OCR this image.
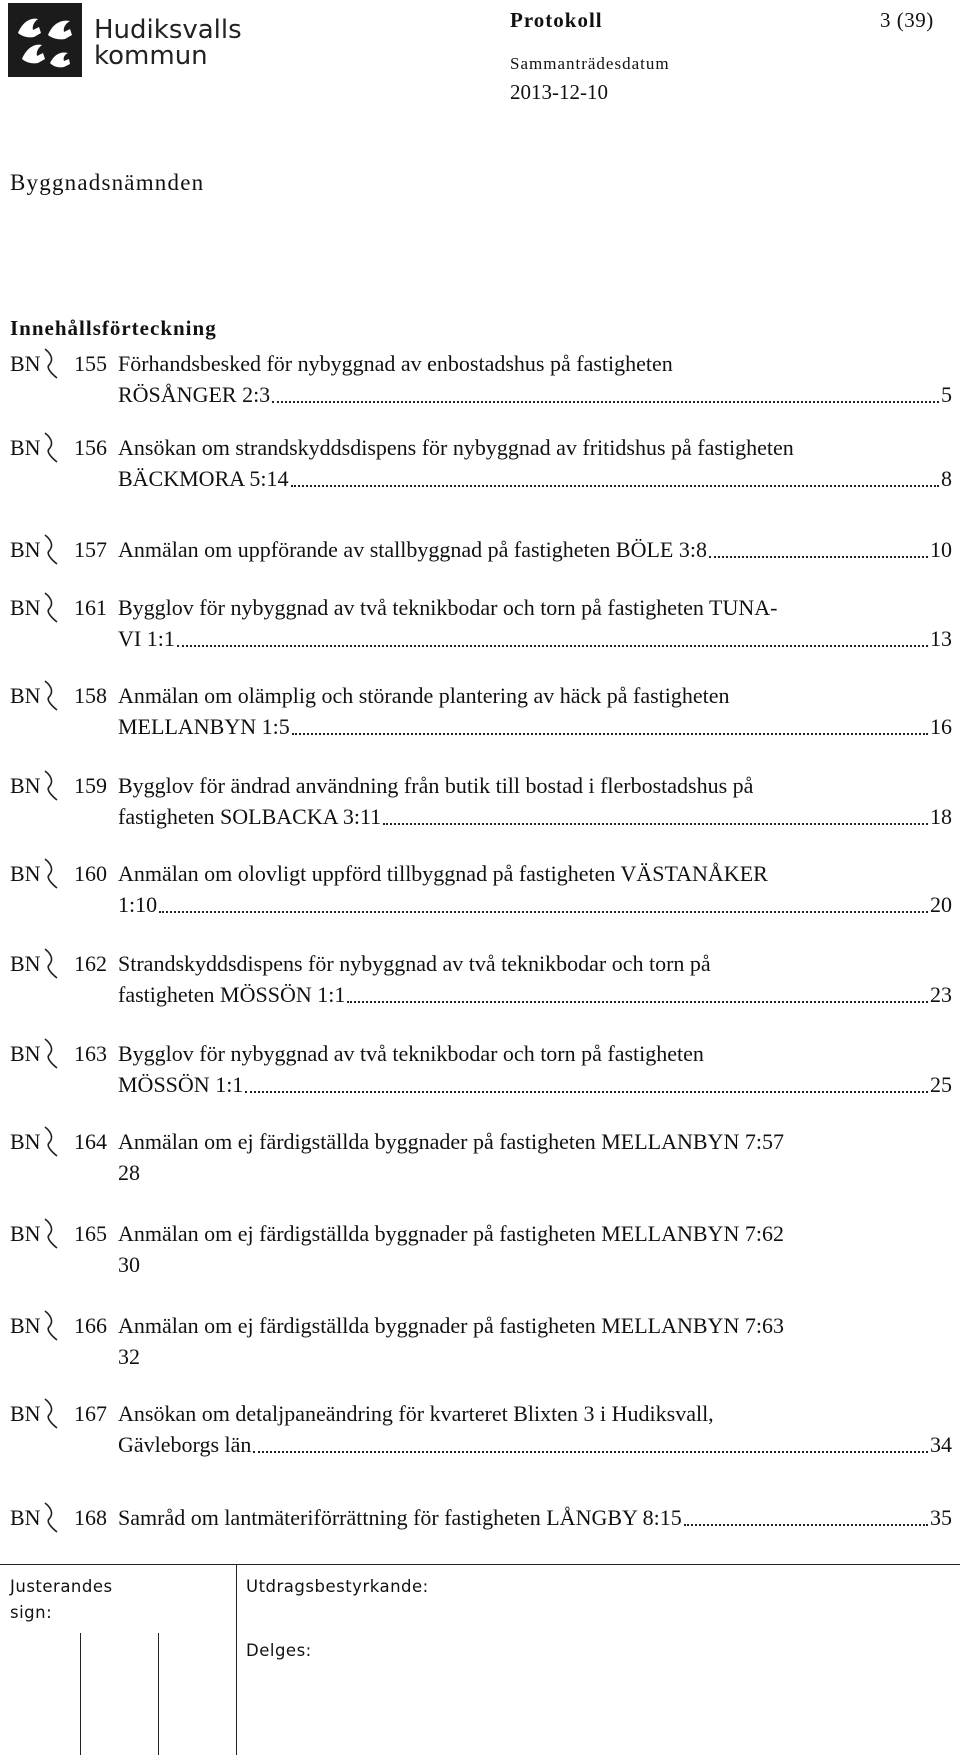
Hudiksvalls
kommun
Protokoll	3 (39)
Sammanträdesdatum
2013-12-10
Byggnadsnämnden
Innehållsförteckning
BN 155 Förhandsbesked för nybyggnad av enbostadshus på fastigheten
RÖSÅNGER 2:3	5
BN 156 Ansökan om strandskyddsdispens för nybyggnad av fritidshus på fastigheten
BÄCKMORA 5:14	8
BN 157 Anmälan om uppförande av stallbyggnad på fastigheten BÖLE 3:8	10
BN 161 Bygglov för nybyggnad av två teknikbodar och torn på fastigheten TUNA-
VI 1:1	13
BN 158 Anmälan om olämplig och störande plantering av häck på fastigheten
MELLANBYN 1:5	16
BN 159 Bygglov för ändrad användning från butik till bostad i flerbostadshus på
fastigheten SOLBACKA 3:11	18
BN 160 Anmälan om olovligt uppförd tillbyggnad på fastigheten VÄSTANÅKER
1:10	20
BN 162 Strandskyddsdispens för nybyggnad av två teknikbodar och torn på
fastigheten MÖSSÖN 1:1	23
BN 163 Bygglov för nybyggnad av två teknikbodar och torn på fastigheten
MÖSSÖN 1:1	25
BN 164 Anmälan om ej färdigställda byggnader på fastigheten MELLANBYN 7:57
28
BN 165 Anmälan om ej färdigställda byggnader på fastigheten MELLANBYN 7:62
30
BN 166 Anmälan om ej färdigställda byggnader på fastigheten MELLANBYN 7:63
32
BN 167 Ansökan om detaljpaneändring för kvarteret Blixten 3 i Hudiksvall,
Gävleborgs län	34
BN 168 Samråd om lantmäteriförrättning för fastigheten LÅNGBY 8:15	35
Justerandes
sign:
Utdragsbestyrkande:
Delges:
